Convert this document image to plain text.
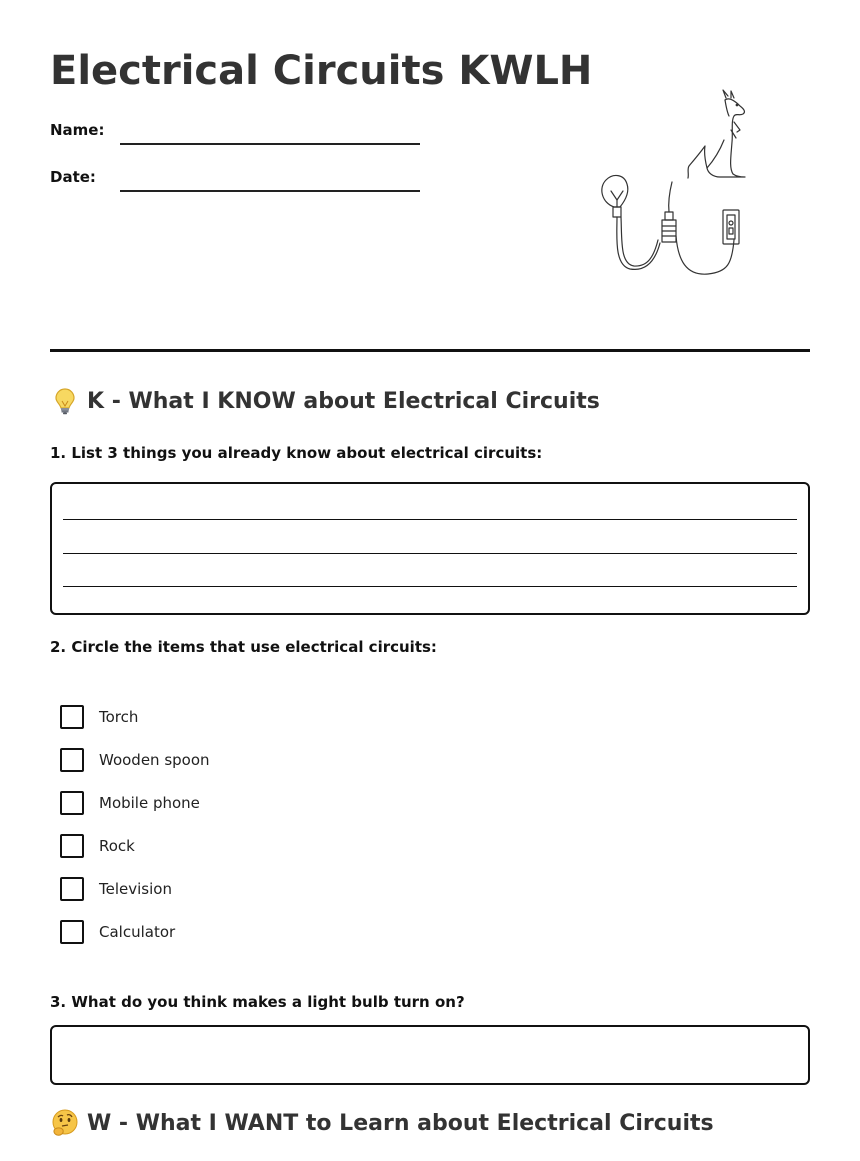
Electrical Circuits KWLH
Name:
Date:
K - What I KNOW about Electrical Circuits

1. List 3 things you already know about electrical circuits:

2. Circle the items that use electrical circuits:

Torch
Wooden spoon
Mobile phone
Rock
Television
Calculator

3. What do you think makes a light bulb turn on?

W - What I WANT to Learn about Electrical Circuits
